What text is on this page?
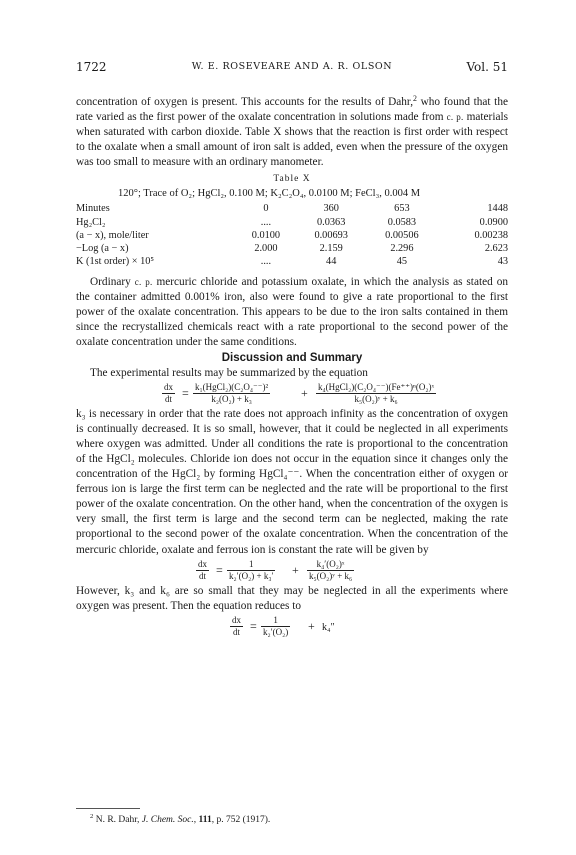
1722	W. E. ROSEVEARE AND A. R. OLSON	Vol. 51

concentration of oxygen is present. This accounts for the results of Dahr,$^2$ who found that the rate varied as the first power of the oxalate concentration in solutions made from c. p. materials when saturated with carbon dioxide. Table X shows that the reaction is first order with respect to the oxalate when a small amount of iron salt is added, even when the pressure of the oxygen was too small to measure with an ordinary manometer.

Table X
120°; Trace of O₂; HgCl₂, 0.100 M; K₂C₂O₄, 0.0100 M; FeCl₃, 0.004 M
Minutes	0	360	653	1448
Hg₂Cl₂	....	0.0363	0.0583	0.0900
(a − x), mole/liter	0.0100	0.00693	0.00506	0.00238
−Log (a − x)	2.000	2.159	2.296	2.623
K (1st order) × 10⁵	....	44	45	43

Ordinary c. p. mercuric chloride and potassium oxalate, in which the analysis as stated on the container admitted 0.001% iron, also were found to give a rate proportional to the first power of the oxalate concentration. This appears to be due to the iron salts contained in them since the recrystallized chemicals react with a rate proportional to the second power of the oxalate concentration under the same conditions.

Discussion and Summary

The experimental results may be summarized by the equation

$\frac{dx}{dt}$ = k₁(HgCl₂)(C₂O₄⁻⁻)²
k₂(O₂) + k₃	+ k₄(HgCl₂)(C₂O₄⁻⁻)(Fe⁺⁺)ⁿ(O₂)ˣ
k₅(O₂)ʸ + k₆

k₃ is necessary in order that the rate does not approach infinity as the concentration of oxygen is continually decreased. It is so small, however, that it could be neglected in all experiments where oxygen was admitted. Under all conditions the rate is proportional to the concentration of the HgCl₂ molecules. Chloride ion does not occur in the equation since it changes only the concentration of the HgCl₂ by forming HgCl₄⁻⁻. When the concentration either of oxygen or ferrous ion is large the first term can be neglected and the rate will be proportional to the first power of the oxalate concentration. On the other hand, when the concentration of the oxygen is very small, the first term is large and the second term can be neglected, making the rate proportional to the second power of the oxalate concentration. When the concentration of the mercuric chloride, oxalate and ferrous ion is constant the rate will be given by

$\frac{dx}{dt} = \frac{1}{\text{k₂′(O₂) + k₃′}} + \frac{\text{k₄′(O₂)ˣ}}{\text{k₅(O₂)ʸ + k₆}}$

However, k₃ and k₆ are so small that they may be neglected in all the experiments where oxygen was present. Then the equation reduces to

$\frac{dx}{dt} = \frac{1}{\text{k₂′(O₂)}} + k_4''$
$^2$ N. R. Dahr, J. Chem. Soc., 111, p. 752 (1917).
